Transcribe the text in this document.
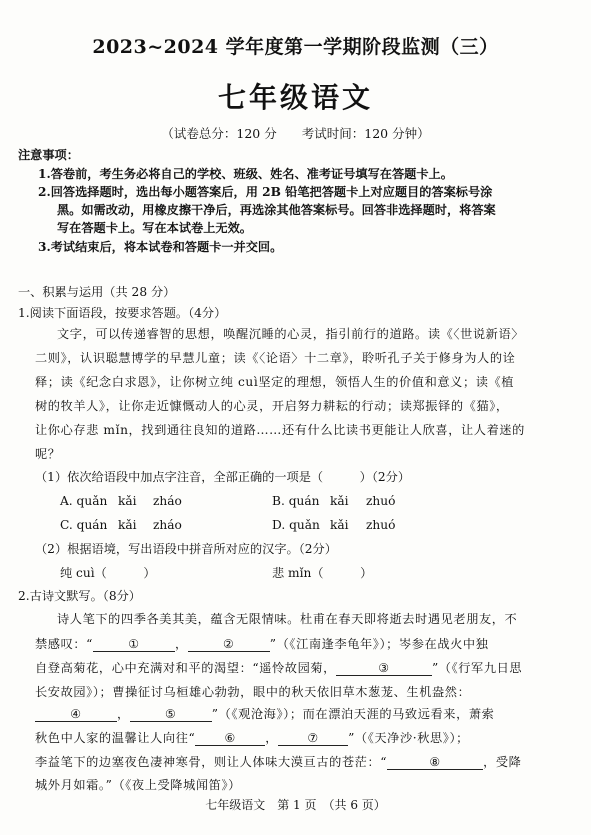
2023~2024 学年度第一学期阶段监测（三）
七年级语文
（试卷总分：120 分　　考试时间：120 分钟）
注意事项：
1.答卷前，考生务必将自己的学校、班级、姓名、准考证号填写在答题卡上。
2.回答选择题时，选出每小题答案后，用 2B 铅笔把答题卡上对应题目的答案标号涂
黑。如需改动，用橡皮擦干净后，再选涂其他答案标号。回答非选择题时，将答案
写在答题卡上。写在本试卷上无效。
3.考试结束后，将本试卷和答题卡一并交回。
一、积累与运用（共 28 分）
1.阅读下面语段，按要求答题。（4分）
文字，可以传递睿智的思想，唤醒沉睡的心灵，指引前行的道路。读《〈世说新语〉
二则》，认识聪慧博学的早慧儿童；读《〈论语〉十二章》，聆听孔子关于修身为人的诠
释；读《纪念白求恩》，让你树立纯 cuì坚定的理想，领悟人生的价值和意义；读《植
树的牧羊人》，让你走近慷慨动人的心灵，开启努力耕耘的行动；读郑振铎的《猫》，
让你心存悲 mǐn，找到通往良知的道路……还有什么比读书更能让人欣喜，让人着迷的
呢？
（1）依次给语段中加点字注音，全部正确的一项是（　　　）（2分）
A. quǎn kǎi zháo	B. quán kǎi zhuó
C. quán kǎi zháo	D. quǎn kǎi zhuó
（2）根据语境，写出语段中拼音所对应的汉字。（2分）
纯 cuì（　　　）	悲 mǐn（　　　）
2.古诗文默写。（8分）
诗人笔下的四季各美其美，蕴含无限情味。杜甫在春天即将逝去时遇见老朋友，不
禁感叹：“	①	，	②	”（《江南逢李龟年》）；岑参在战火中独
自登高菊花，心中充满对和平的渴望：“遥怜故园菊，	③	”（《行军九日思
长安故园》）；曹操征讨乌桓雄心勃勃，眼中的秋天依旧草木葱茏、生机盎然：
④	，	⑤	”（《观沧海》）；而在漂泊天涯的马致远看来，萧索
秋色中人家的温馨让人向往“ ⑥ ， ⑦ ”（《天净沙·秋思》）；
李益笔下的边塞夜色凄神寒骨，则让人体味大漠亘古的苍茫：“	⑧	，受降
城外月如霜。”（《夜上受降城闻笛》）
七年级语文　第 1 页　（共 6 页）
